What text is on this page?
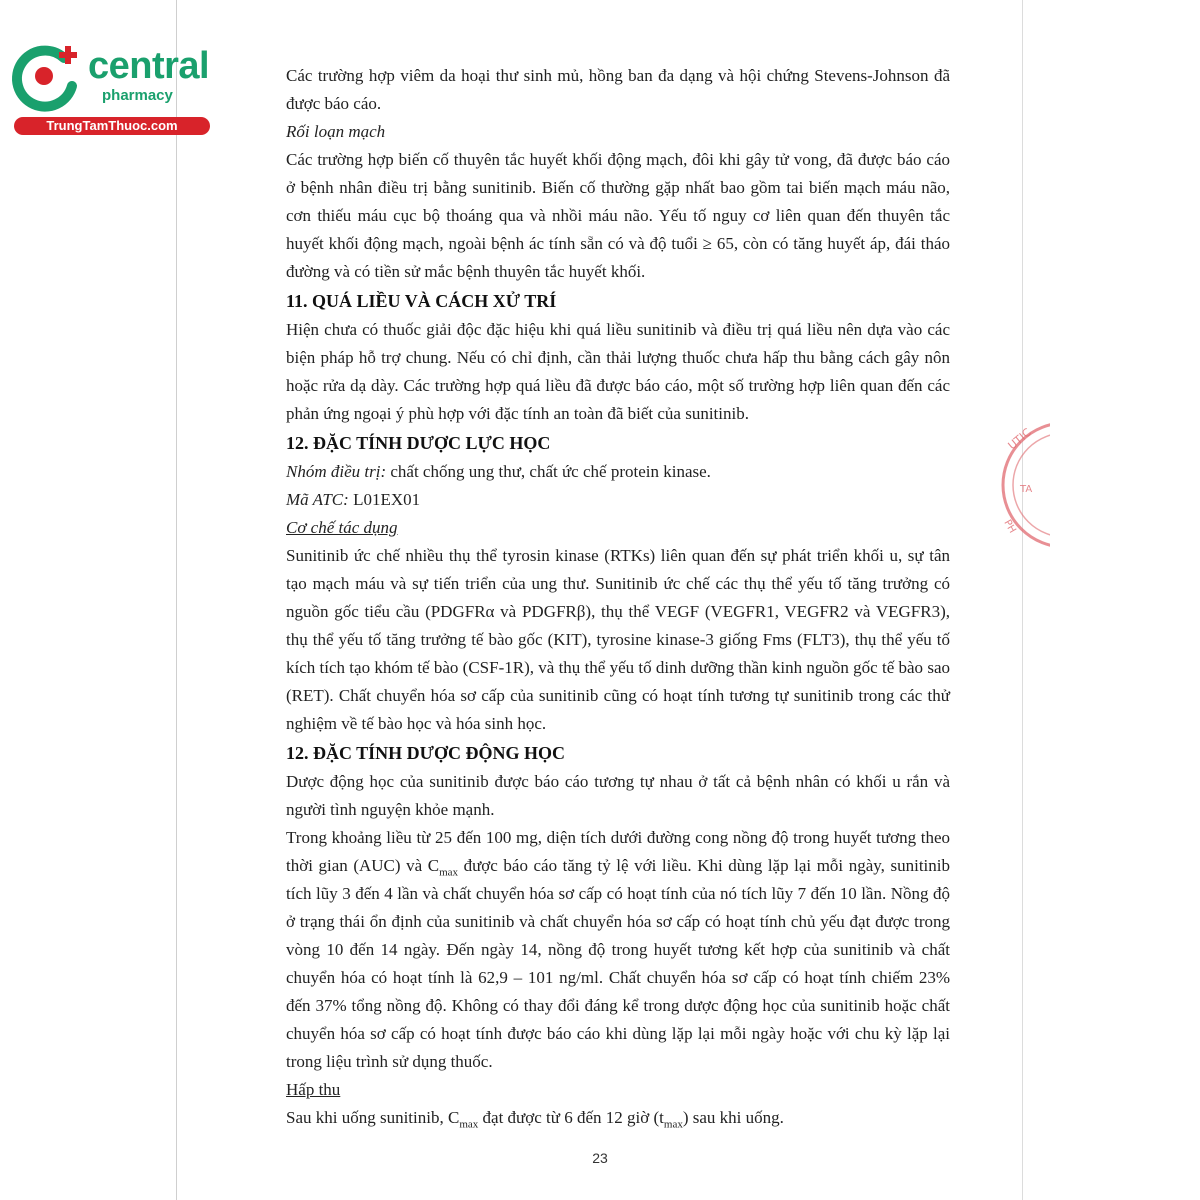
central
pharmacy
TrungTamThuoc.com
UTIC
TA
PH

Các trường hợp viêm da hoại thư sinh mủ, hồng ban đa dạng và hội chứng Stevens-Johnson đã được báo cáo.

Rối loạn mạch

Các trường hợp biến cố thuyên tắc huyết khối động mạch, đôi khi gây tử vong, đã được báo cáo ở bệnh nhân điều trị bằng sunitinib. Biến cố thường gặp nhất bao gồm tai biến mạch máu não, cơn thiếu máu cục bộ thoáng qua và nhồi máu não. Yếu tố nguy cơ liên quan đến thuyên tắc huyết khối động mạch, ngoài bệnh ác tính sẵn có và độ tuổi ≥ 65, còn có tăng huyết áp, đái tháo đường và có tiền sử mắc bệnh thuyên tắc huyết khối.

11. QUÁ LIỀU VÀ CÁCH XỬ TRÍ

Hiện chưa có thuốc giải độc đặc hiệu khi quá liều sunitinib và điều trị quá liều nên dựa vào các biện pháp hỗ trợ chung. Nếu có chỉ định, cần thải lượng thuốc chưa hấp thu bằng cách gây nôn hoặc rửa dạ dày. Các trường hợp quá liều đã được báo cáo, một số trường hợp liên quan đến các phản ứng ngoại ý phù hợp với đặc tính an toàn đã biết của sunitinib.

12. ĐẶC TÍNH DƯỢC LỰC HỌC

Nhóm điều trị: chất chống ung thư, chất ức chế protein kinase.

Mã ATC: L01EX01

Cơ chế tác dụng

Sunitinib ức chế nhiều thụ thể tyrosin kinase (RTKs) liên quan đến sự phát triển khối u, sự tân tạo mạch máu và sự tiến triển của ung thư. Sunitinib ức chế các thụ thể yếu tố tăng trưởng có nguồn gốc tiểu cầu (PDGFRα và PDGFRβ), thụ thể VEGF (VEGFR1, VEGFR2 và VEGFR3), thụ thể yếu tố tăng trưởng tế bào gốc (KIT), tyrosine kinase-3 giống Fms (FLT3), thụ thể yếu tố kích tích tạo khóm tế bào (CSF-1R), và thụ thể yếu tố dinh dưỡng thần kinh nguồn gốc tế bào sao (RET). Chất chuyển hóa sơ cấp của sunitinib cũng có hoạt tính tương tự sunitinib trong các thử nghiệm về tế bào học và hóa sinh học.

12. ĐẶC TÍNH DƯỢC ĐỘNG HỌC

Dược động học của sunitinib được báo cáo tương tự nhau ở tất cả bệnh nhân có khối u rắn và người tình nguyện khỏe mạnh.

Trong khoảng liều từ 25 đến 100 mg, diện tích dưới đường cong nồng độ trong huyết tương theo thời gian (AUC) và $C_{max}$ được báo cáo tăng tỷ lệ với liều. Khi dùng lặp lại mỗi ngày, sunitinib tích lũy 3 đến 4 lần và chất chuyển hóa sơ cấp có hoạt tính của nó tích lũy 7 đến 10 lần. Nồng độ ở trạng thái ổn định của sunitinib và chất chuyển hóa sơ cấp có hoạt tính chủ yếu đạt được trong vòng 10 đến 14 ngày. Đến ngày 14, nồng độ trong huyết tương kết hợp của sunitinib và chất chuyển hóa có hoạt tính là 62,9 – 101 ng/ml. Chất chuyển hóa sơ cấp có hoạt tính chiếm 23% đến 37% tổng nồng độ. Không có thay đổi đáng kể trong dược động học của sunitinib hoặc chất chuyển hóa sơ cấp có hoạt tính được báo cáo khi dùng lặp lại mỗi ngày hoặc với chu kỳ lặp lại trong liệu trình sử dụng thuốc.

Hấp thu

Sau khi uống sunitinib, $C_{max}$ đạt được từ 6 đến 12 giờ $(t_{max})$ sau khi uống.

23
